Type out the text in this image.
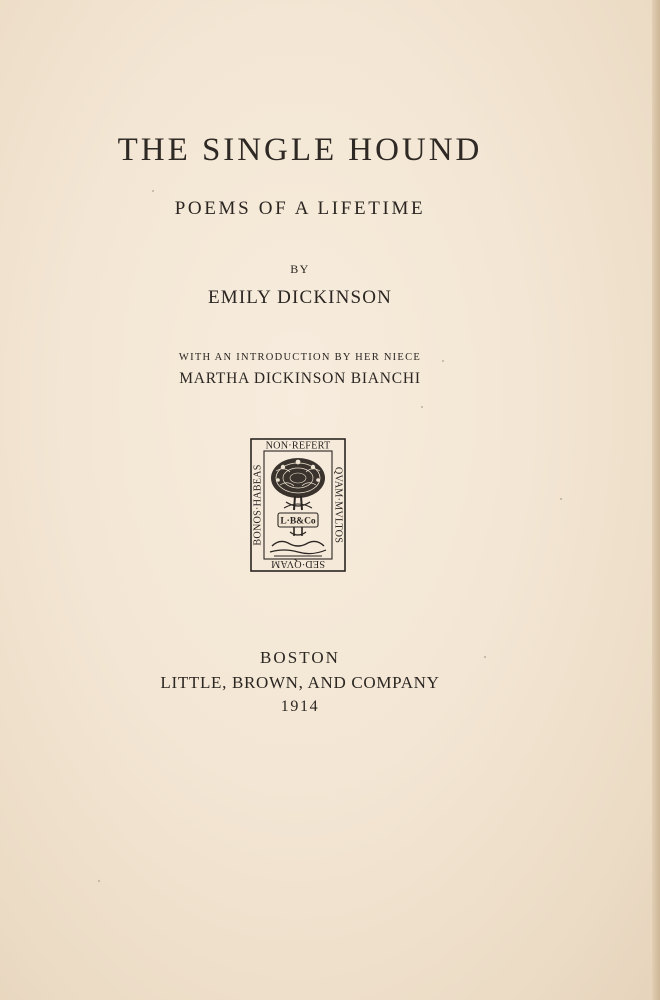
THE SINGLE HOUND
POEMS OF A LIFETIME
BY
EMILY DICKINSON
WITH AN INTRODUCTION BY HER NIECE
MARTHA DICKINSON BIANCHI
NON·REFERT
SED·QVAM
BONOS·HABEAS	QVAM·MVLTOS
L·B&Co
BOSTON
LITTLE, BROWN, AND COMPANY
1914
